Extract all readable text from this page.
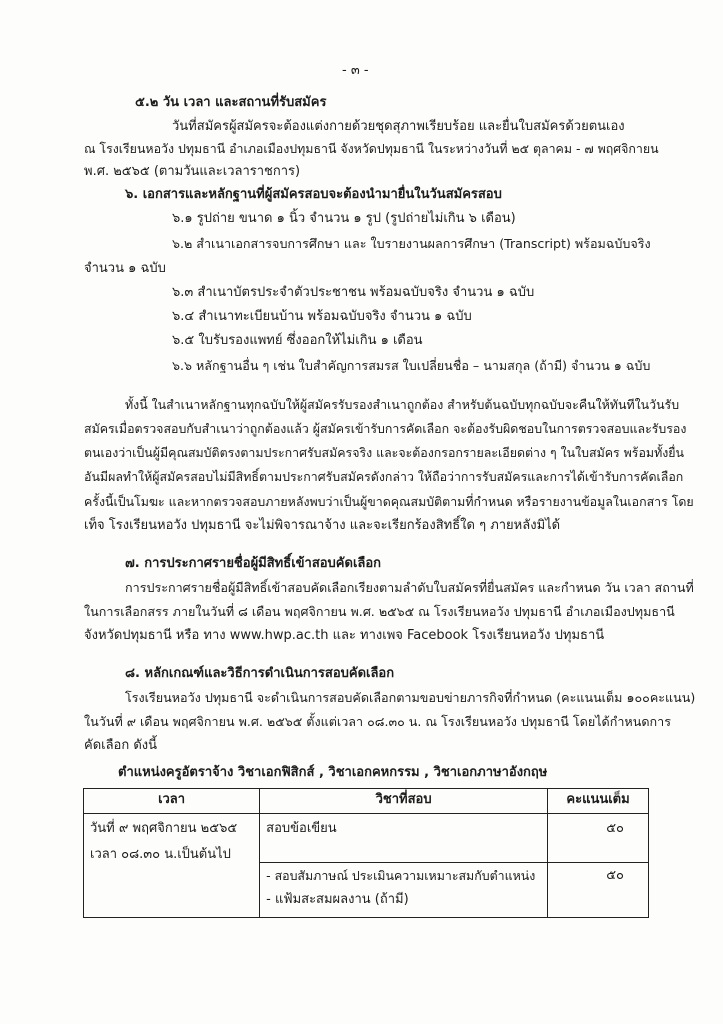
- ๓ -
๕.๒ วัน เวลา และสถานที่รับสมัคร
วันที่สมัครผู้สมัครจะต้องแต่งกายด้วยชุดสุภาพเรียบร้อย และยื่นใบสมัครด้วยตนเอง
ณ โรงเรียนหอวัง ปทุมธานี อำเภอเมืองปทุมธานี จังหวัดปทุมธานี ในระหว่างวันที่ ๒๕ ตุลาคม - ๗ พฤศจิกายน
พ.ศ. ๒๕๖๕ (ตามวันและเวลาราชการ)
๖. เอกสารและหลักฐานที่ผู้สมัครสอบจะต้องนำมายื่นในวันสมัครสอบ
๖.๑ รูปถ่าย ขนาด ๑ นิ้ว จำนวน ๑ รูป (รูปถ่ายไม่เกิน ๖ เดือน)
๖.๒ สำเนาเอกสารจบการศึกษา และ ใบรายงานผลการศึกษา (Transcript) พร้อมฉบับจริง
จำนวน ๑ ฉบับ
๖.๓ สำเนาบัตรประจำตัวประชาชน พร้อมฉบับจริง จำนวน ๑ ฉบับ
๖.๔ สำเนาทะเบียนบ้าน พร้อมฉบับจริง จำนวน ๑ ฉบับ
๖.๕ ใบรับรองแพทย์ ซึ่งออกให้ไม่เกิน ๑ เดือน
๖.๖ หลักฐานอื่น ๆ เช่น ใบสำคัญการสมรส ใบเปลี่ยนชื่อ – นามสกุล (ถ้ามี) จำนวน ๑ ฉบับ
ทั้งนี้ ในสำเนาหลักฐานทุกฉบับให้ผู้สมัครรับรองสำเนาถูกต้อง สำหรับต้นฉบับทุกฉบับจะคืนให้ทันทีในวันรับ
สมัครเมื่อตรวจสอบกับสำเนาว่าถูกต้องแล้ว ผู้สมัครเข้ารับการคัดเลือก จะต้องรับผิดชอบในการตรวจสอบและรับรอง
ตนเองว่าเป็นผู้มีคุณสมบัติตรงตามประกาศรับสมัครจริง และจะต้องกรอกรายละเอียดต่าง ๆ ในใบสมัคร พร้อมทั้งยื่น
อันมีผลทำให้ผู้สมัครสอบไม่มีสิทธิ์ตามประกาศรับสมัครดังกล่าว ให้ถือว่าการรับสมัครและการได้เข้ารับการคัดเลือก
ครั้งนี้เป็นโมฆะ และหากตรวจสอบภายหลังพบว่าเป็นผู้ขาดคุณสมบัติตามที่กำหนด หรือรายงานข้อมูลในเอกสาร โดย
เท็จ โรงเรียนหอวัง ปทุมธานี จะไม่พิจารณาจ้าง และจะเรียกร้องสิทธิ์ใด ๆ ภายหลังมิได้
๗. การประกาศรายชื่อผู้มีสิทธิ์เข้าสอบคัดเลือก
การประกาศรายชื่อผู้มีสิทธิ์เข้าสอบคัดเลือกเรียงตามลำดับใบสมัครที่ยื่นสมัคร และกำหนด วัน เวลา สถานที่
ในการเลือกสรร ภายในวันที่ ๘ เดือน พฤศจิกายน พ.ศ. ๒๕๖๕ ณ โรงเรียนหอวัง ปทุมธานี อำเภอเมืองปทุมธานี
จังหวัดปทุมธานี หรือ ทาง www.hwp.ac.th และ ทางเพจ Facebook โรงเรียนหอวัง ปทุมธานี
๘. หลักเกณฑ์และวิธีการดำเนินการสอบคัดเลือก
โรงเรียนหอวัง ปทุมธานี จะดำเนินการสอบคัดเลือกตามขอบข่ายภารกิจที่กำหนด (คะแนนเต็ม ๑๐๐คะแนน)
ในวันที่ ๙ เดือน พฤศจิกายน พ.ศ. ๒๕๖๕ ตั้งแต่เวลา ๐๘.๓๐ น. ณ โรงเรียนหอวัง ปทุมธานี โดยได้กำหนดการ
คัดเลือก ดังนี้
ตำแหน่งครูอัตราจ้าง วิชาเอกฟิสิกส์ , วิชาเอกคหกรรม , วิชาเอกภาษาอังกฤษ
เวลา	วิชาที่สอบ	คะแนนเต็ม

วันที่ ๙ พฤศจิกายน ๒๕๖๕
เวลา ๐๘.๓๐ น.เป็นต้นไป	สอบข้อเขียน	๕๐

	- สอบสัมภาษณ์ ประเมินความเหมาะสมกับตำแหน่ง
- แฟ้มสะสมผลงาน (ถ้ามี)	๕๐
